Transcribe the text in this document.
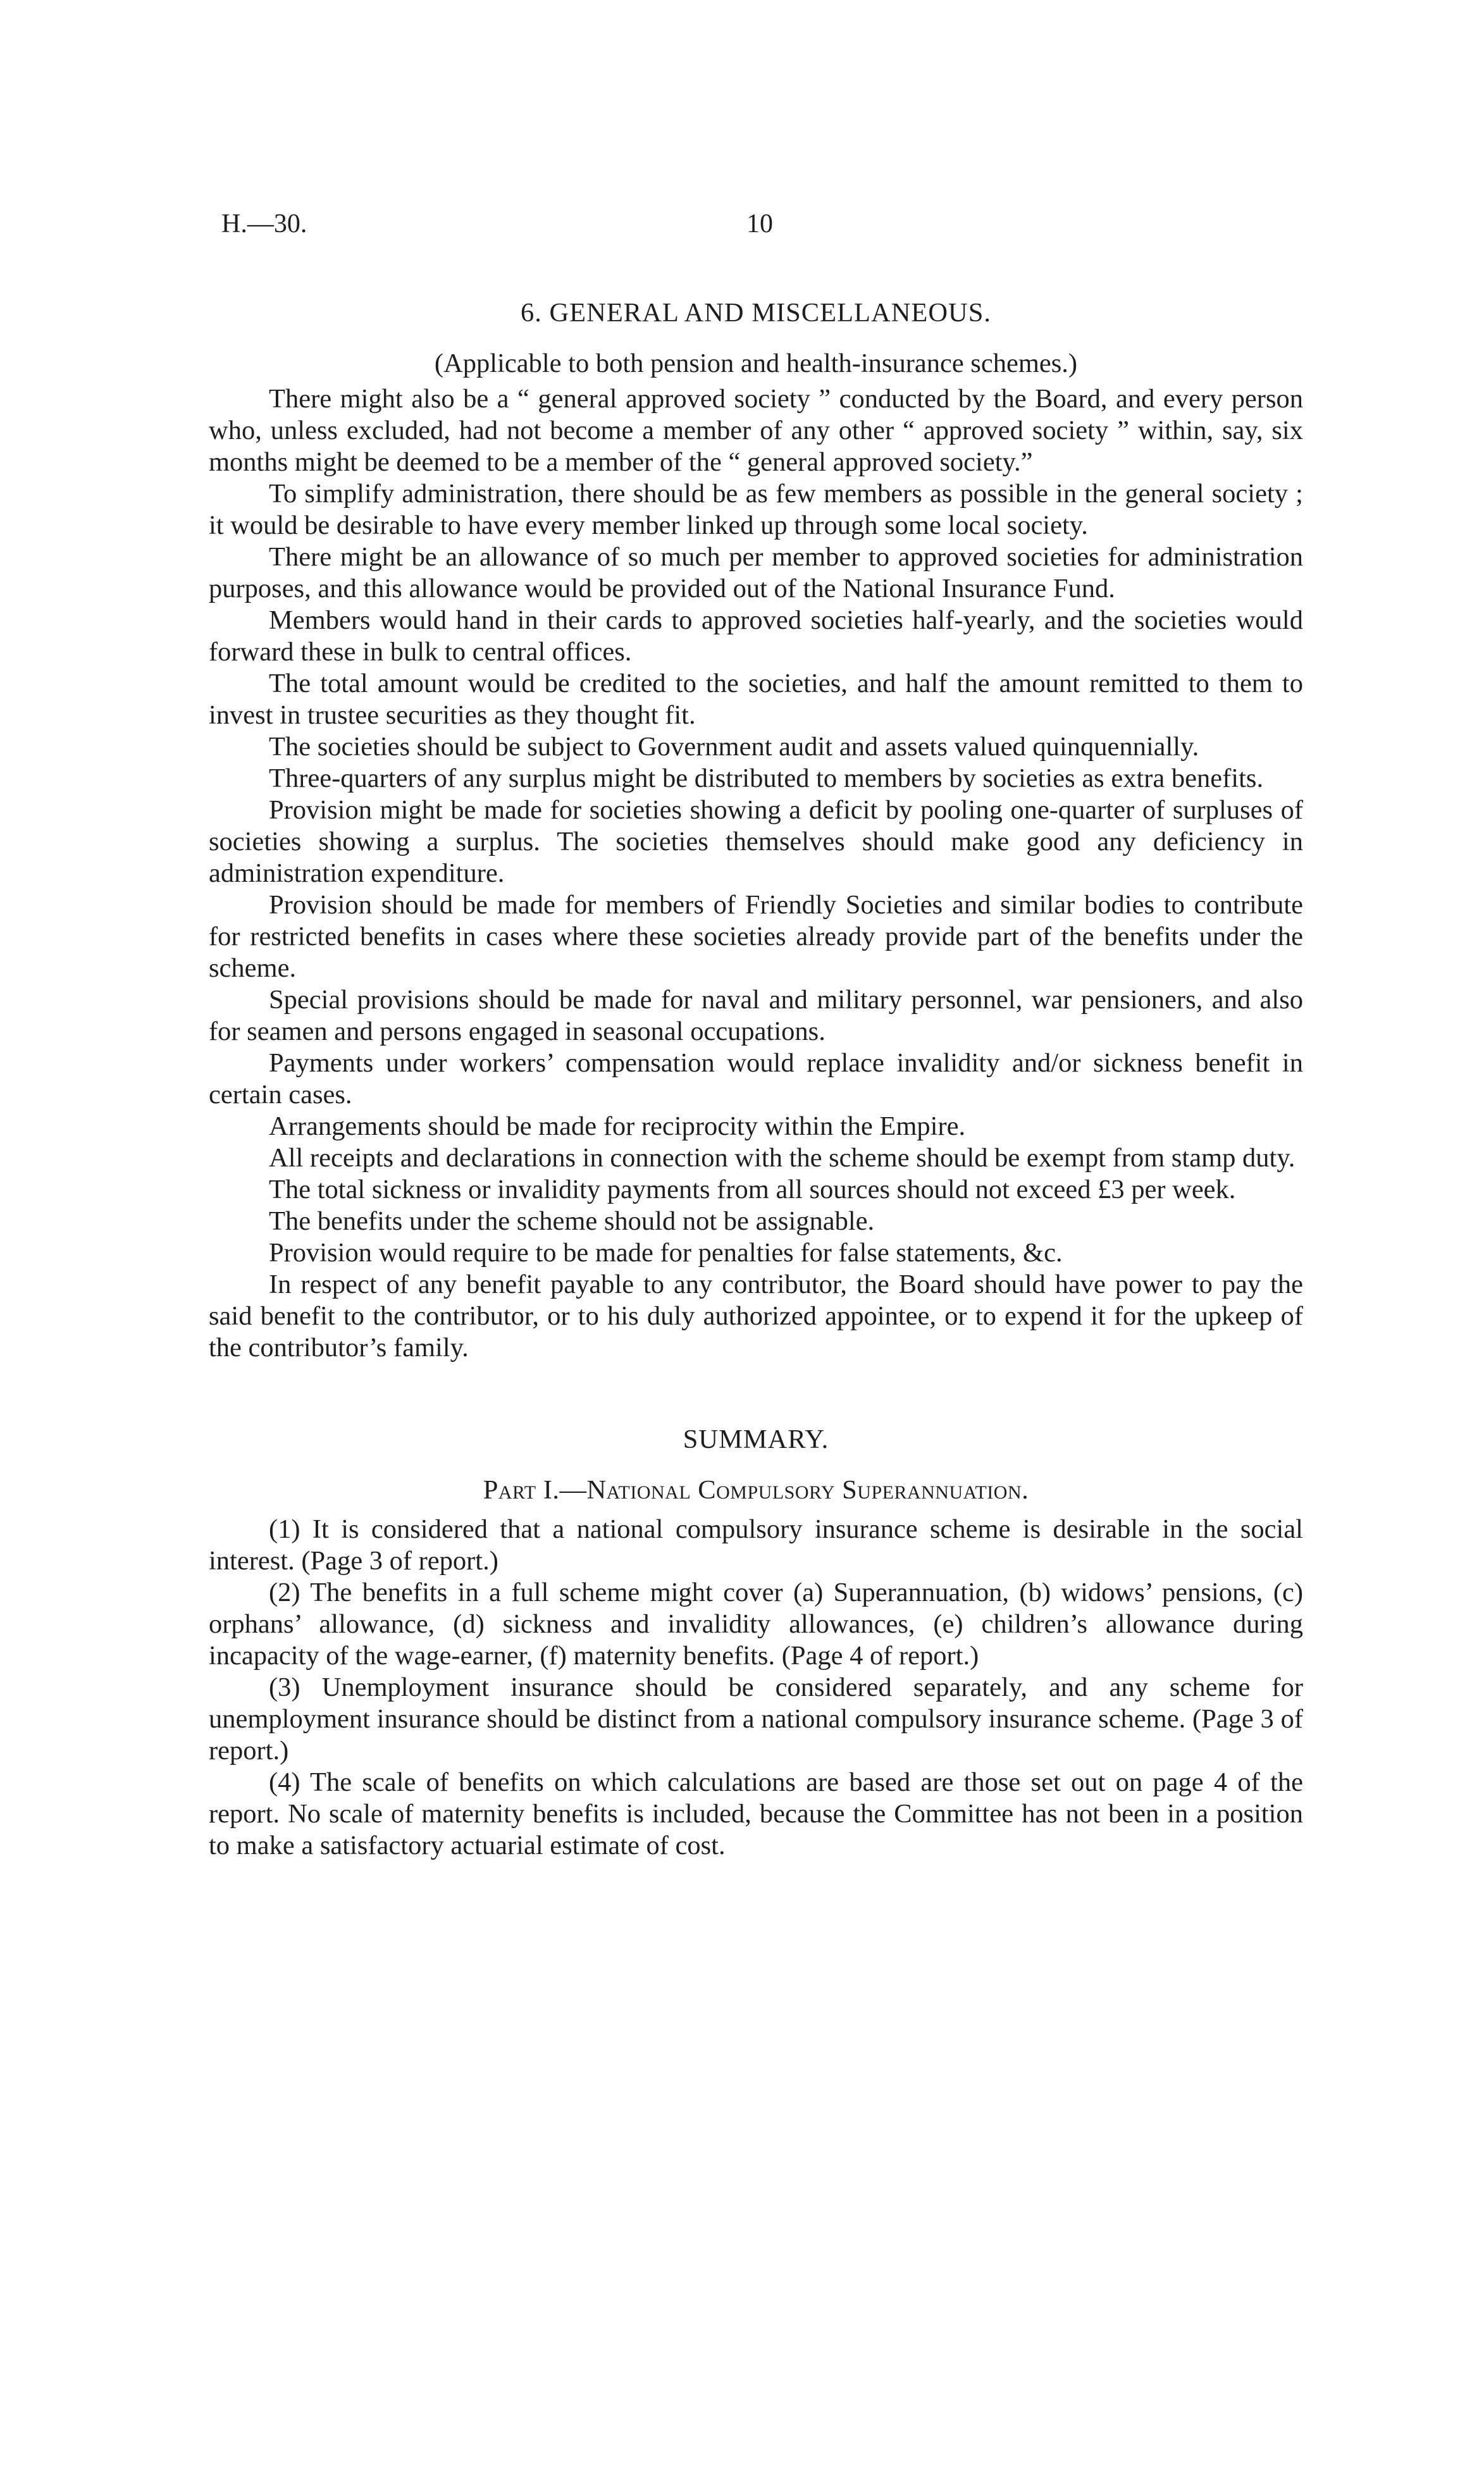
H.—30.	10
6. GENERAL AND MISCELLANEOUS.
(Applicable to both pension and health-insurance schemes.)

There might also be a “ general approved society ” conducted by the Board, and every person who, unless excluded, had not become a member of any other “ approved society ” within, say, six months might be deemed to be a member of the “ general approved society.”

To simplify administration, there should be as few members as possible in the general society ; it would be desirable to have every member linked up through some local society.

There might be an allowance of so much per member to approved societies for administration purposes, and this allowance would be provided out of the National Insurance Fund.

Members would hand in their cards to approved societies half-yearly, and the societies would forward these in bulk to central offices.

The total amount would be credited to the societies, and half the amount remitted to them to invest in trustee securities as they thought fit.

The societies should be subject to Government audit and assets valued quinquennially.

Three-quarters of any surplus might be distributed to members by societies as extra benefits.

Provision might be made for societies showing a deficit by pooling one-quarter of surpluses of societies showing a surplus. The societies themselves should make good any deficiency in administration expenditure.

Provision should be made for members of Friendly Societies and similar bodies to contribute for restricted benefits in cases where these societies already provide part of the benefits under the scheme.

Special provisions should be made for naval and military personnel, war pensioners, and also for seamen and persons engaged in seasonal occupations.

Payments under workers’ compensation would replace invalidity and/or sickness benefit in certain cases.

Arrangements should be made for reciprocity within the Empire.

All receipts and declarations in connection with the scheme should be exempt from stamp duty.

The total sickness or invalidity payments from all sources should not exceed £3 per week.

The benefits under the scheme should not be assignable.

Provision would require to be made for penalties for false statements, &c.

In respect of any benefit payable to any contributor, the Board should have power to pay the said benefit to the contributor, or to his duly authorized appointee, or to expend it for the upkeep of the contributor’s family.

SUMMARY.
Part I.—National Compulsory Superannuation.

(1) It is considered that a national compulsory insurance scheme is desirable in the social interest. (Page 3 of report.)

(2) The benefits in a full scheme might cover (a) Superannuation, (b) widows’ pensions, (c) orphans’ allowance, (d) sickness and invalidity allowances, (e) children’s allowance during incapacity of the wage-earner, (f) maternity benefits. (Page 4 of report.)

(3) Unemployment insurance should be considered separately, and any scheme for unemployment insurance should be distinct from a national compulsory insurance scheme. (Page 3 of report.)

(4) The scale of benefits on which calculations are based are those set out on page 4 of the report. No scale of maternity benefits is included, because the Committee has not been in a position to make a satisfactory actuarial estimate of cost.
